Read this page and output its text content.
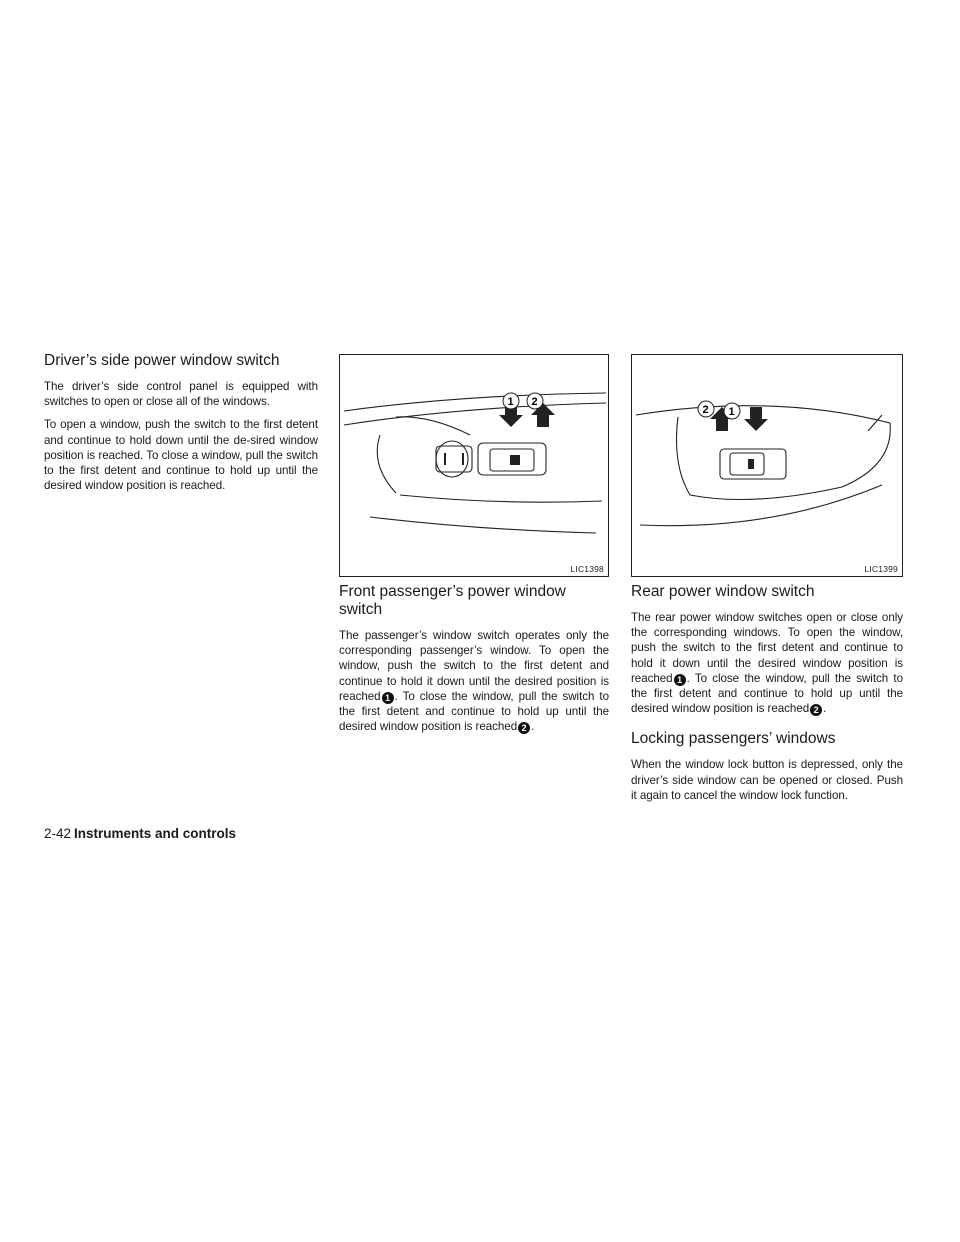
Driver’s side power window switch

The driver’s side control panel is equipped with switches to open or close all of the windows.

To open a window, push the switch to the first detent and continue to hold down until the de-sired window position is reached. To close a window, pull the switch to the first detent and continue to hold up until the desired window position is reached.

1 2
LIC1398
Front passenger’s power window switch

The passenger’s window switch operates only the corresponding passenger’s window. To open the window, push the switch to the first detent and continue to hold it down until the desired position is reached 1 . To close the window, pull the switch to the first detent and continue to hold up until the desired window position is reached 2 .

2 1
LIC1399
Rear power window switch

The rear power window switches open or close only the corresponding windows. To open the window, push the switch to the first detent and continue to hold it down until the desired window position is reached 1 . To close the window, pull the switch to the first detent and continue to hold up until the desired window position is reached 2 .

Locking passengers’ windows

When the window lock button is depressed, only the driver’s side window can be opened or closed. Push it again to cancel the window lock function.

2-42 Instruments and controls
